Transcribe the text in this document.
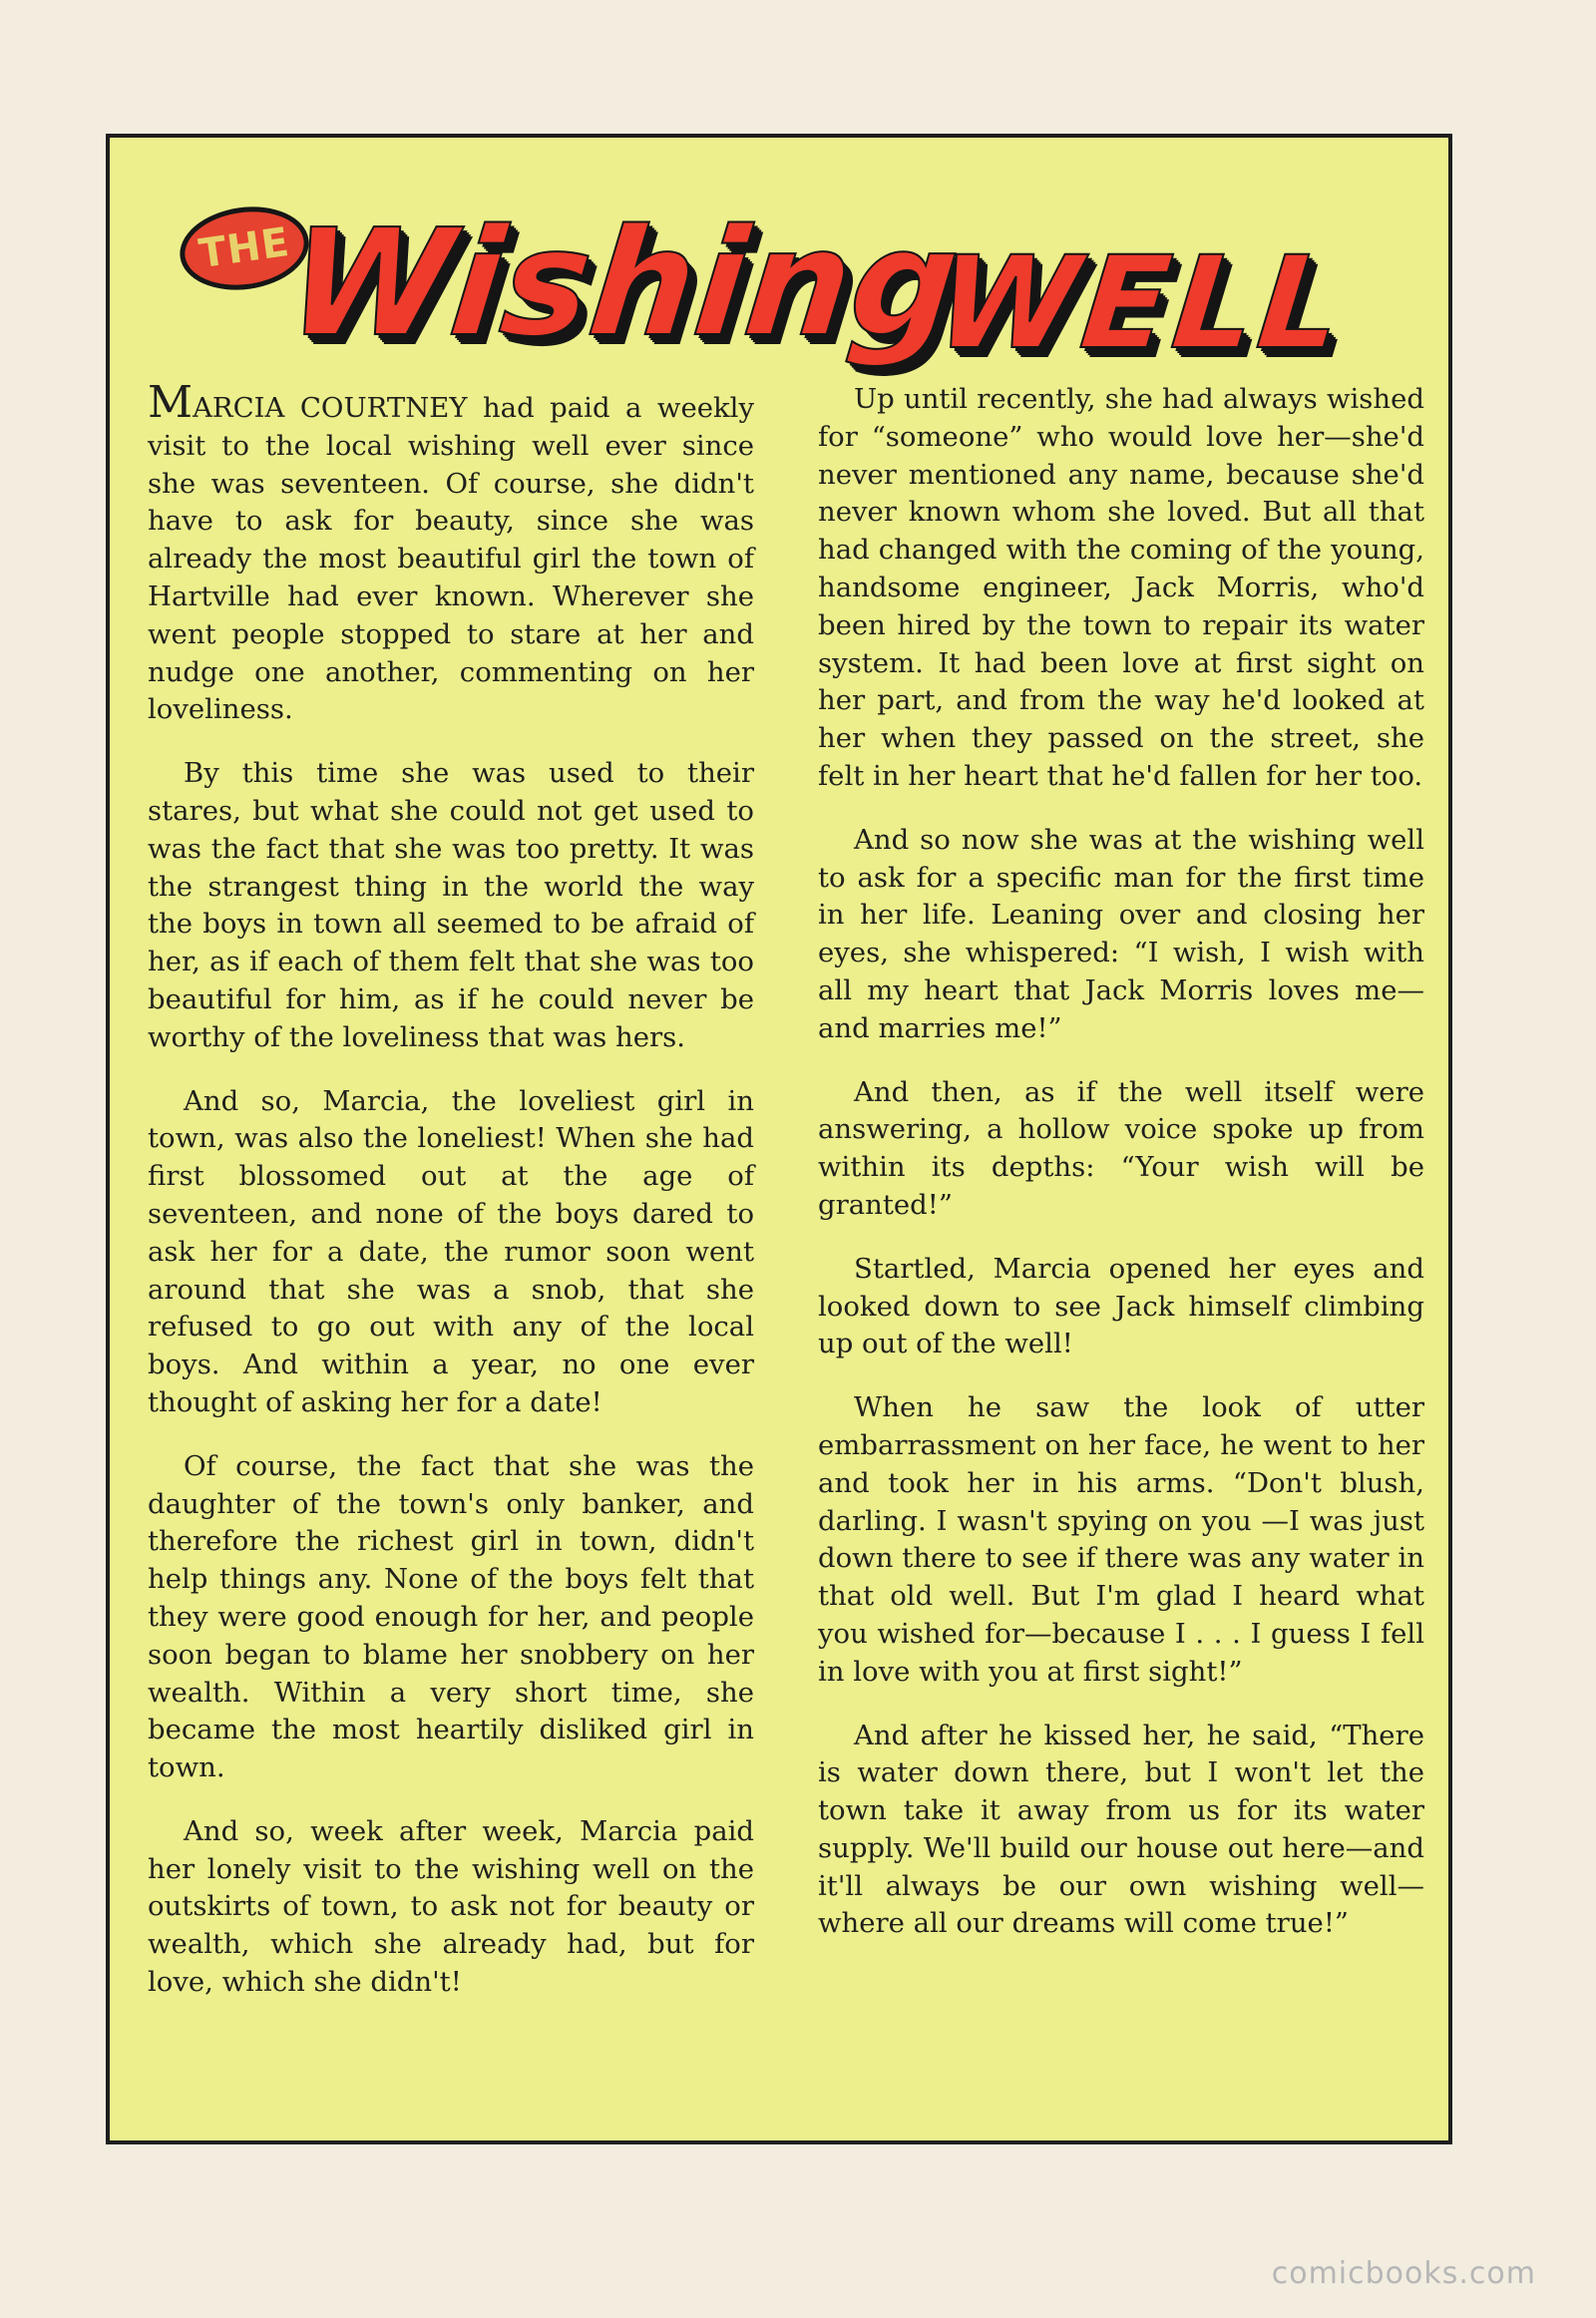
THE
Wishing
WELL

MARCIA COURTNEY had paid a weekly visit to the local wishing well ever since she was seventeen. Of course, she didn't have to ask for beauty, since she was already the most beautiful girl the town of Hartville had ever known. Wherever she went people stopped to stare at her and nudge one another, commenting on her loveliness.

By this time she was used to their stares, but what she could not get used to was the fact that she was too pretty. It was the strangest thing in the world the way the boys in town all seemed to be afraid of her, as if each of them felt that she was too beautiful for him, as if he could never be worthy of the loveliness that was hers.

And so, Marcia, the loveliest girl in town, was also the loneliest! When she had first blossomed out at the age of seventeen, and none of the boys dared to ask her for a date, the rumor soon went around that she was a snob, that she refused to go out with any of the local boys. And within a year, no one ever thought of asking her for a date!

Of course, the fact that she was the daughter of the town's only banker, and therefore the richest girl in town, didn't help things any. None of the boys felt that they were good enough for her, and people soon began to blame her snobbery on her wealth. Within a very short time, she became the most heartily disliked girl in town.

And so, week after week, Marcia paid her lonely visit to the wishing well on the outskirts of town, to ask not for beauty or wealth, which she already had, but for love, which she didn't!

Up until recently, she had always wished for “someone” who would love her—she'd never mentioned any name, because she'd never known whom she loved. But all that had changed with the coming of the young, handsome engineer, Jack Morris, who'd been hired by the town to repair its water system. It had been love at first sight on her part, and from the way he'd looked at her when they passed on the street, she felt in her heart that he'd fallen for her too.

And so now she was at the wishing well to ask for a specific man for the first time in her life. Leaning over and closing her eyes, she whispered: “I wish, I wish with all my heart that Jack Morris loves me—and marries me!”

And then, as if the well itself were answering, a hollow voice spoke up from within its depths: “Your wish will be granted!”

Startled, Marcia opened her eyes and looked down to see Jack himself climbing up out of the well!

When he saw the look of utter embarrassment on her face, he went to her and took her in his arms. “Don't blush, darling. I wasn't spying on you —I was just down there to see if there was any water in that old well. But I'm glad I heard what you wished for—because I . . . I guess I fell in love with you at first sight!”

And after he kissed her, he said, “There is water down there, but I won't let the town take it away from us for its water supply. We'll build our house out here—and it'll always be our own wishing well—where all our dreams will come true!”

comicbooks.com
